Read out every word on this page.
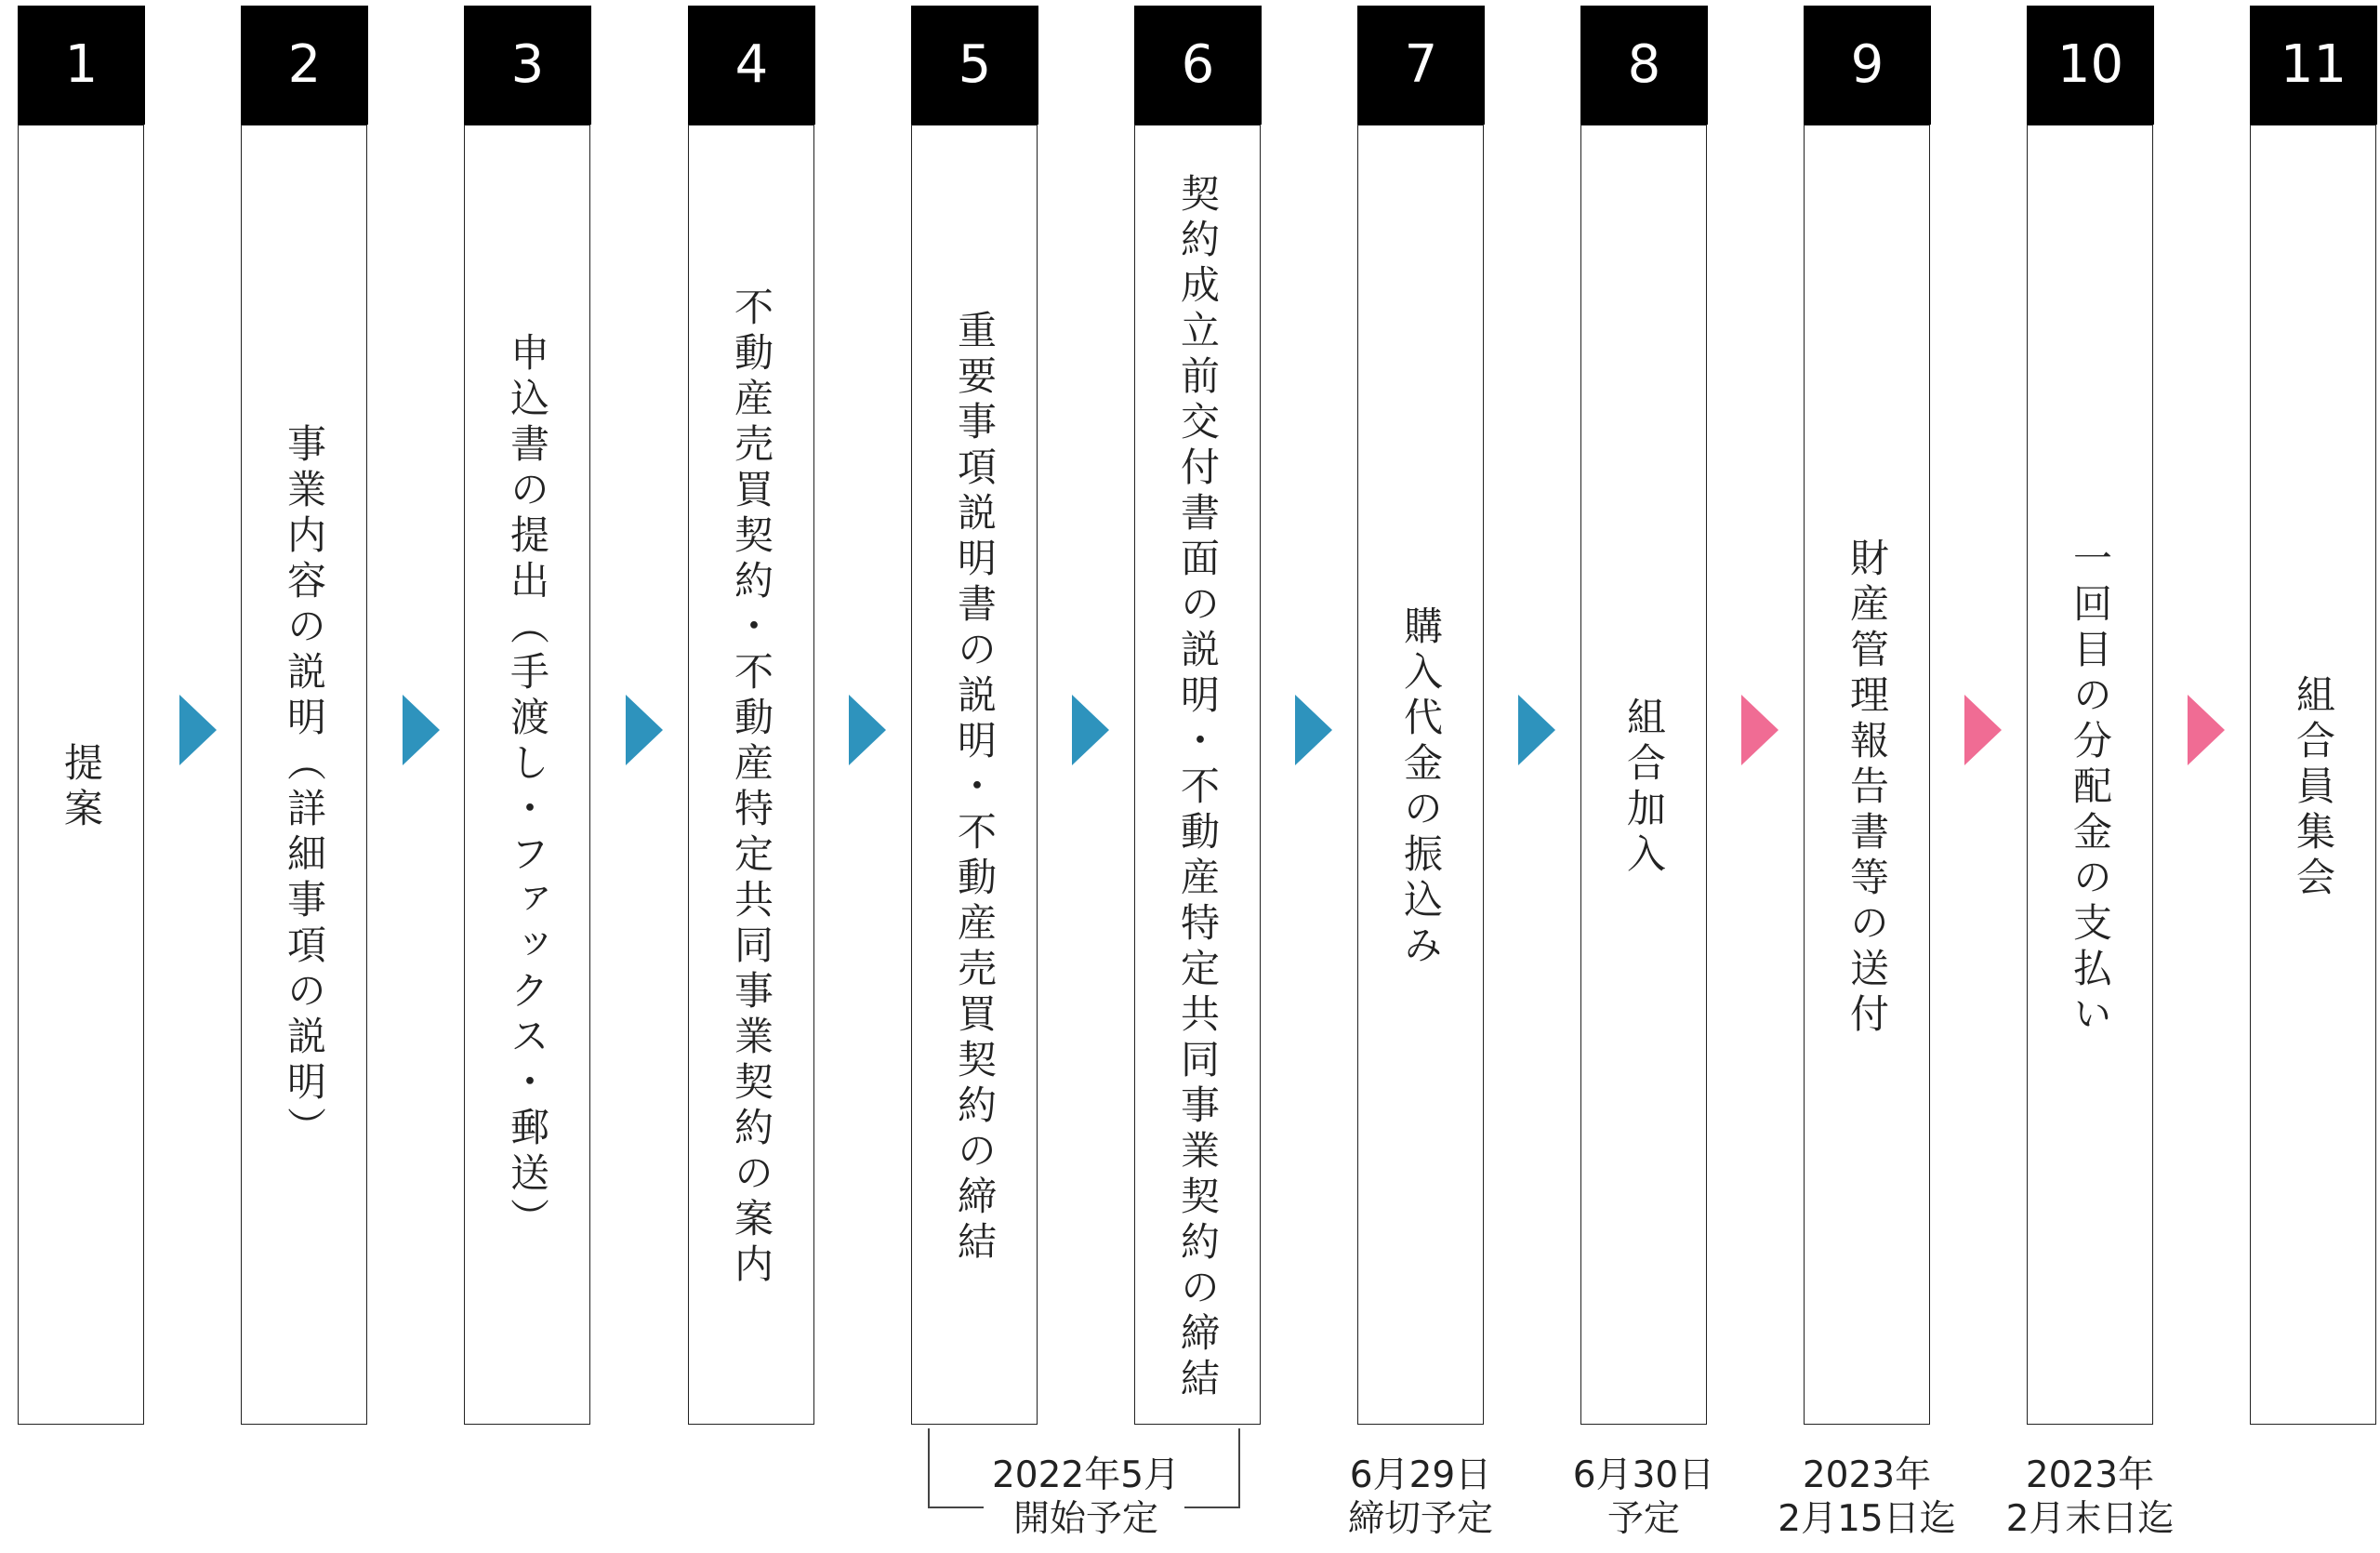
1
提案
2
事業内容の説明（詳細事項の説明）
3
申込書の提出（手渡し・ファックス・郵送）
4
不動産売買契約・不動産特定共同事業契約の案内
5
重要事項説明書の説明・不動産売買契約の締結
6
契約成立前交付書面の説明・不動産特定共同事業契約の締結
7
購入代金の振込み
8
組合加入
9
財産管理報告書等の送付
10
一回目の分配金の支払い
11
組合員集会
2022年5月
開始予定
6月29日
締切予定
6月30日
予定
2023年
2月15日迄
2023年
2月末日迄
